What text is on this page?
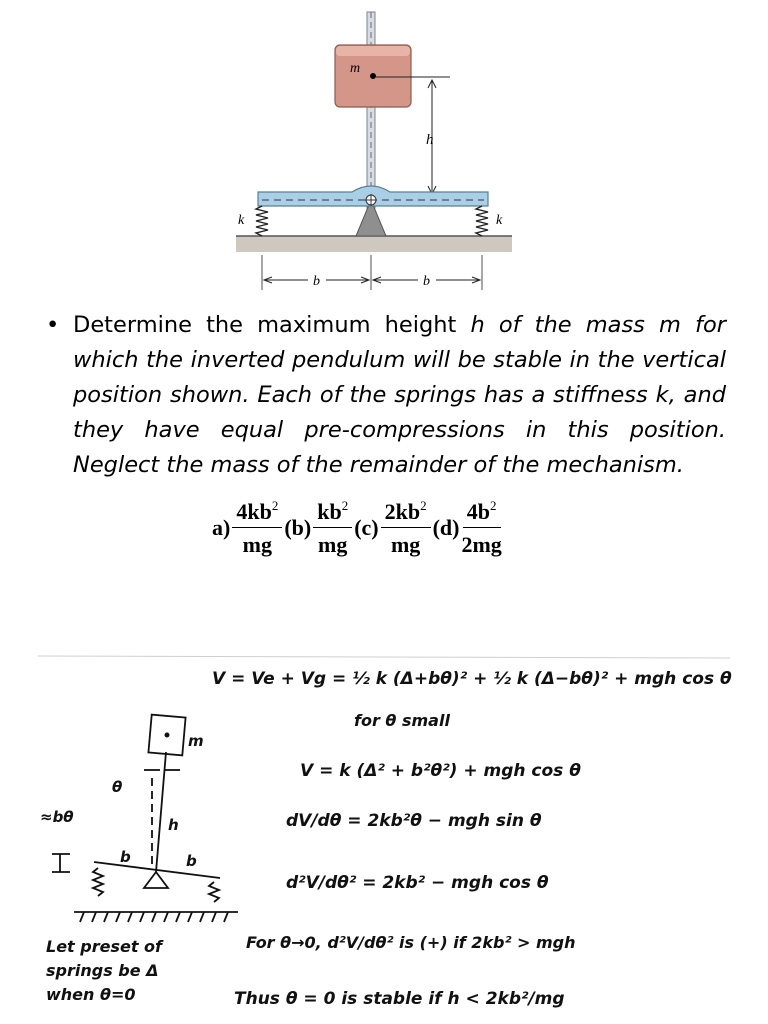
m
h
k	k
b	b
• Determine the maximum height h of the mass m for which the inverted pendulum will be stable in the vertical position shown. Each of the springs has a stiffness k, and they have equal pre-compressions in this position. Neglect the mass of the remainder of the mechanism.
$a) \frac{4kb^2}{mg} (b) \frac{kb^2}{mg} (c) \frac{2kb^2}{mg} (d) \frac{4b^2}{2mg}$
m
h
θ
≈bθ
b	b
Let preset of
springs be Δ
when θ=0
V = Ve + Vg = ½ k (Δ+bθ)² + ½ k (Δ−bθ)² + mgh cos θ
for θ small
V = k (Δ² + b²θ²) + mgh cos θ
dV/dθ = 2kb²θ − mgh sin θ
d²V/dθ² = 2kb² − mgh cos θ
For θ→0, d²V/dθ² is (+) if 2kb² > mgh
Thus θ = 0 is stable if h < 2kb²/mg
